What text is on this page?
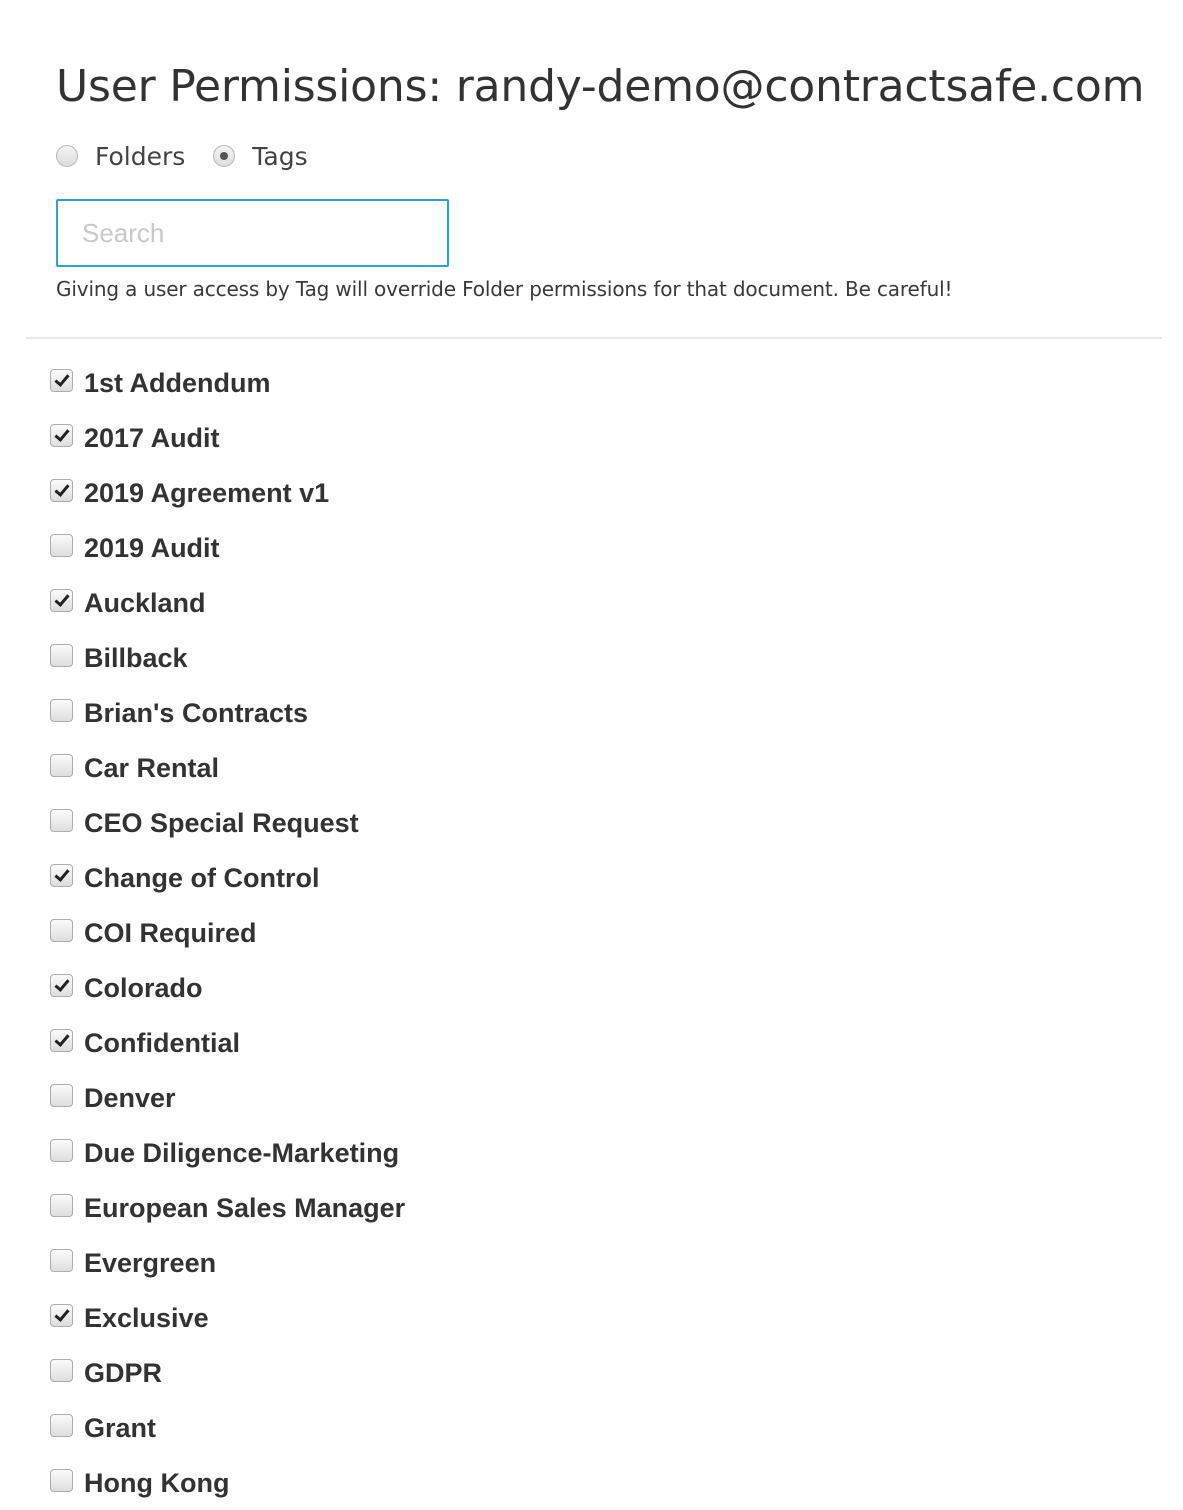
User Permissions: randy-demo@contractsafe.com
Folders	Tags
Search
Giving a user access by Tag will override Folder permissions for that document. Be careful!
1st Addendum
2017 Audit
2019 Agreement v1
2019 Audit
Auckland
Billback
Brian's Contracts
Car Rental
CEO Special Request
Change of Control
COI Required
Colorado
Confidential
Denver
Due Diligence-Marketing
European Sales Manager
Evergreen
Exclusive
GDPR
Grant
Hong Kong
